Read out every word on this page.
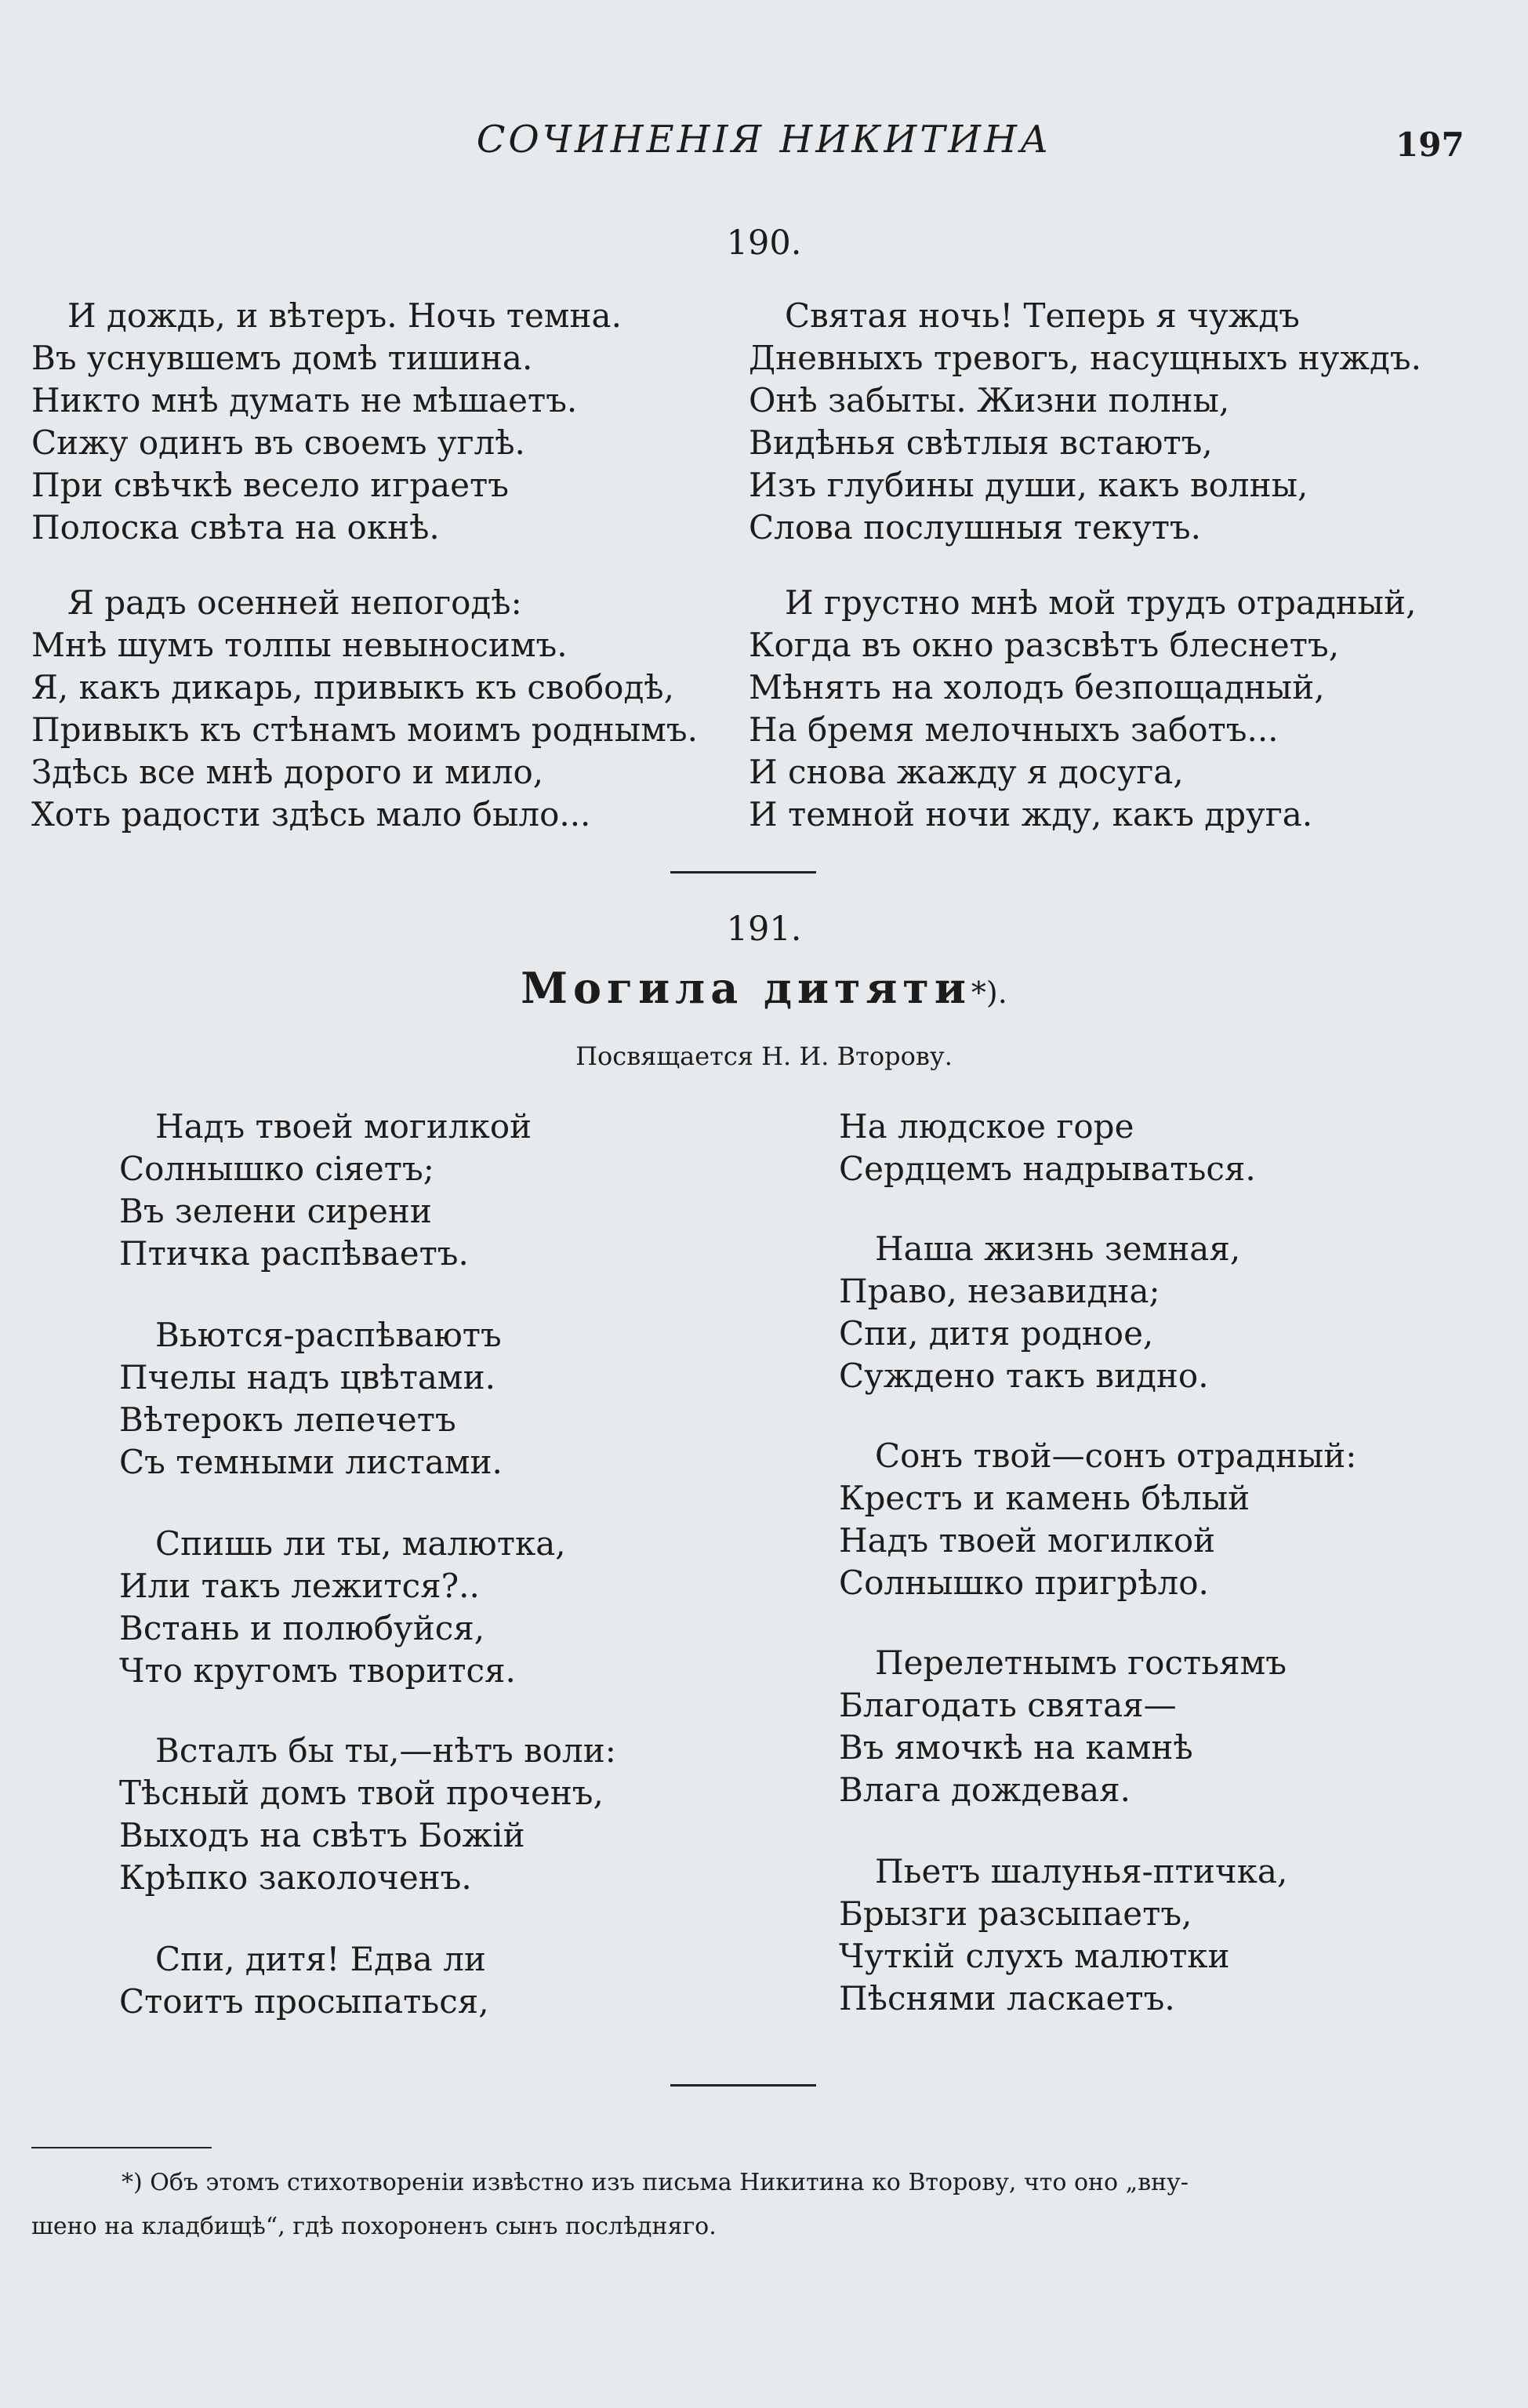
СОЧИНЕНІЯ НИКИТИНА	197
190.
И дождь, и вѣтеръ. Ночь темна.
Въ уснувшемъ домѣ тишина.
Никто мнѣ думать не мѣшаетъ.
Сижу одинъ въ своемъ углѣ.
При свѣчкѣ весело играетъ
Полоска свѣта на окнѣ.
Я радъ осенней непогодѣ:
Мнѣ шумъ толпы невыносимъ.
Я, какъ дикарь, привыкъ къ свободѣ,
Привыкъ къ стѣнамъ моимъ роднымъ.
Здѣсь все мнѣ дорого и мило,
Хоть радости здѣсь мало было...
Святая ночь! Теперь я чуждъ
Дневныхъ тревогъ, насущныхъ нуждъ.
Онѣ забыты. Жизни полны,
Видѣнья свѣтлыя встаютъ,
Изъ глубины души, какъ волны,
Слова послушныя текутъ.
И грустно мнѣ мой трудъ отрадный,
Когда въ окно разсвѣтъ блеснетъ,
Мѣнять на холодъ безпощадный,
На бремя мелочныхъ заботъ...
И снова жажду я досуга,
И темной ночи жду, какъ друга.
191.
Могила дитяти*).
Посвящается Н. И. Второву.
Надъ твоей могилкой
Солнышко сіяетъ;
Въ зелени сирени
Птичка распѣваетъ.
Вьются-распѣваютъ
Пчелы надъ цвѣтами.
Вѣтерокъ лепечетъ
Съ темными листами.
Спишь ли ты, малютка,
Или такъ лежится?..
Встань и полюбуйся,
Что кругомъ творится.
Всталъ бы ты,—нѣтъ воли:
Тѣсный домъ твой проченъ,
Выходъ на свѣтъ Божій
Крѣпко заколоченъ.
Спи, дитя! Едва ли
Стоитъ просыпаться,
На людское горе
Сердцемъ надрываться.
Наша жизнь земная,
Право, незавидна;
Спи, дитя родное,
Суждено такъ видно.
Сонъ твой—сонъ отрадный:
Крестъ и камень бѣлый
Надъ твоей могилкой
Солнышко пригрѣло.
Перелетнымъ гостьямъ
Благодать святая—
Въ ямочкѣ на камнѣ
Влага дождевая.
Пьетъ шалунья-птичка,
Брызги разсыпаетъ,
Чуткій слухъ малютки
Пѣснями ласкаетъ.
*) Объ этомъ стихотвореніи извѣстно изъ письма Никитина ко Второву, что оно „вну-
шено на кладбищѣ“, гдѣ похороненъ сынъ послѣдняго.
